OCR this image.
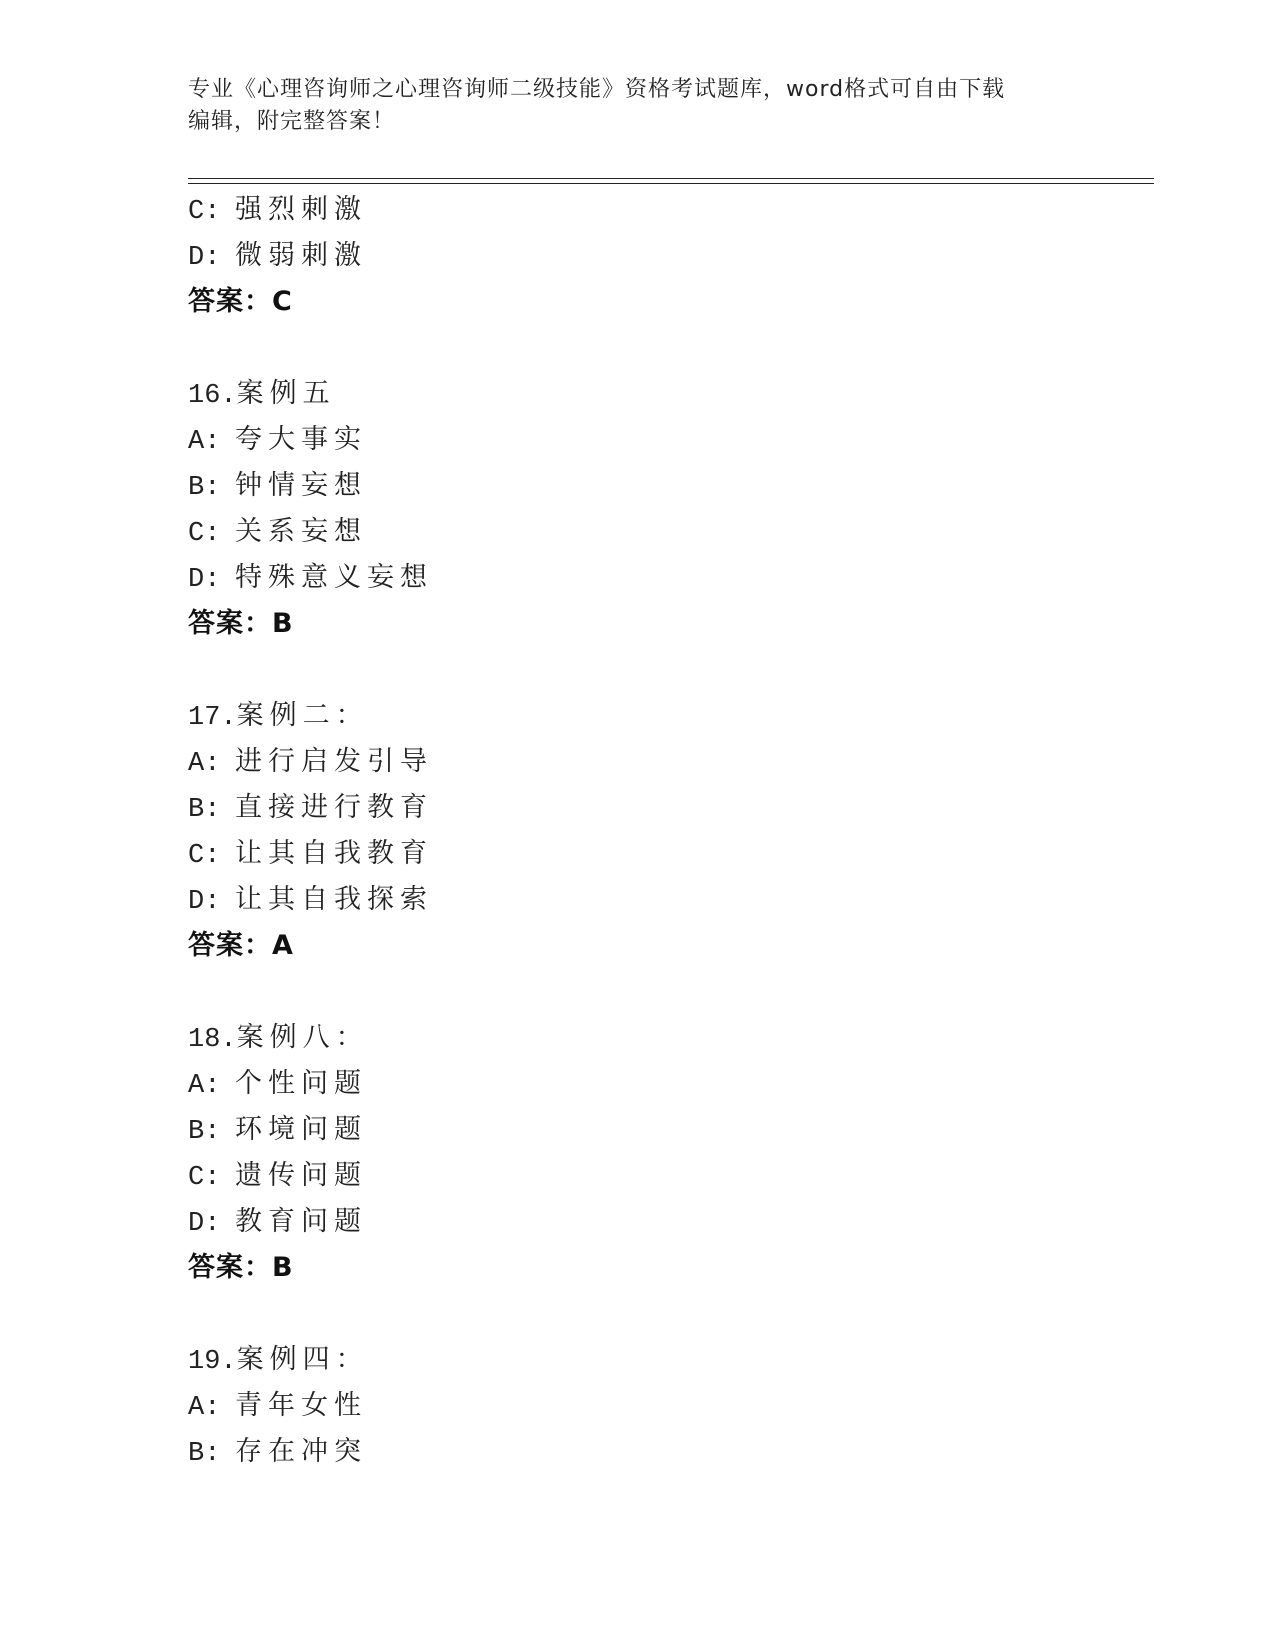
专业《心理咨询师之心理咨询师二级技能》资格考试题库，word格式可自由下载
编辑，附完整答案！
C: 强烈刺激
D: 微弱刺激
答案：C
16.案例五
A: 夸大事实
B: 钟情妄想
C: 关系妄想
D: 特殊意义妄想
答案：B
17.案例二：
A: 进行启发引导
B: 直接进行教育
C: 让其自我教育
D: 让其自我探索
答案：A
18.案例八：
A: 个性问题
B: 环境问题
C: 遗传问题
D: 教育问题
答案：B
19.案例四：
A: 青年女性
B: 存在冲突
